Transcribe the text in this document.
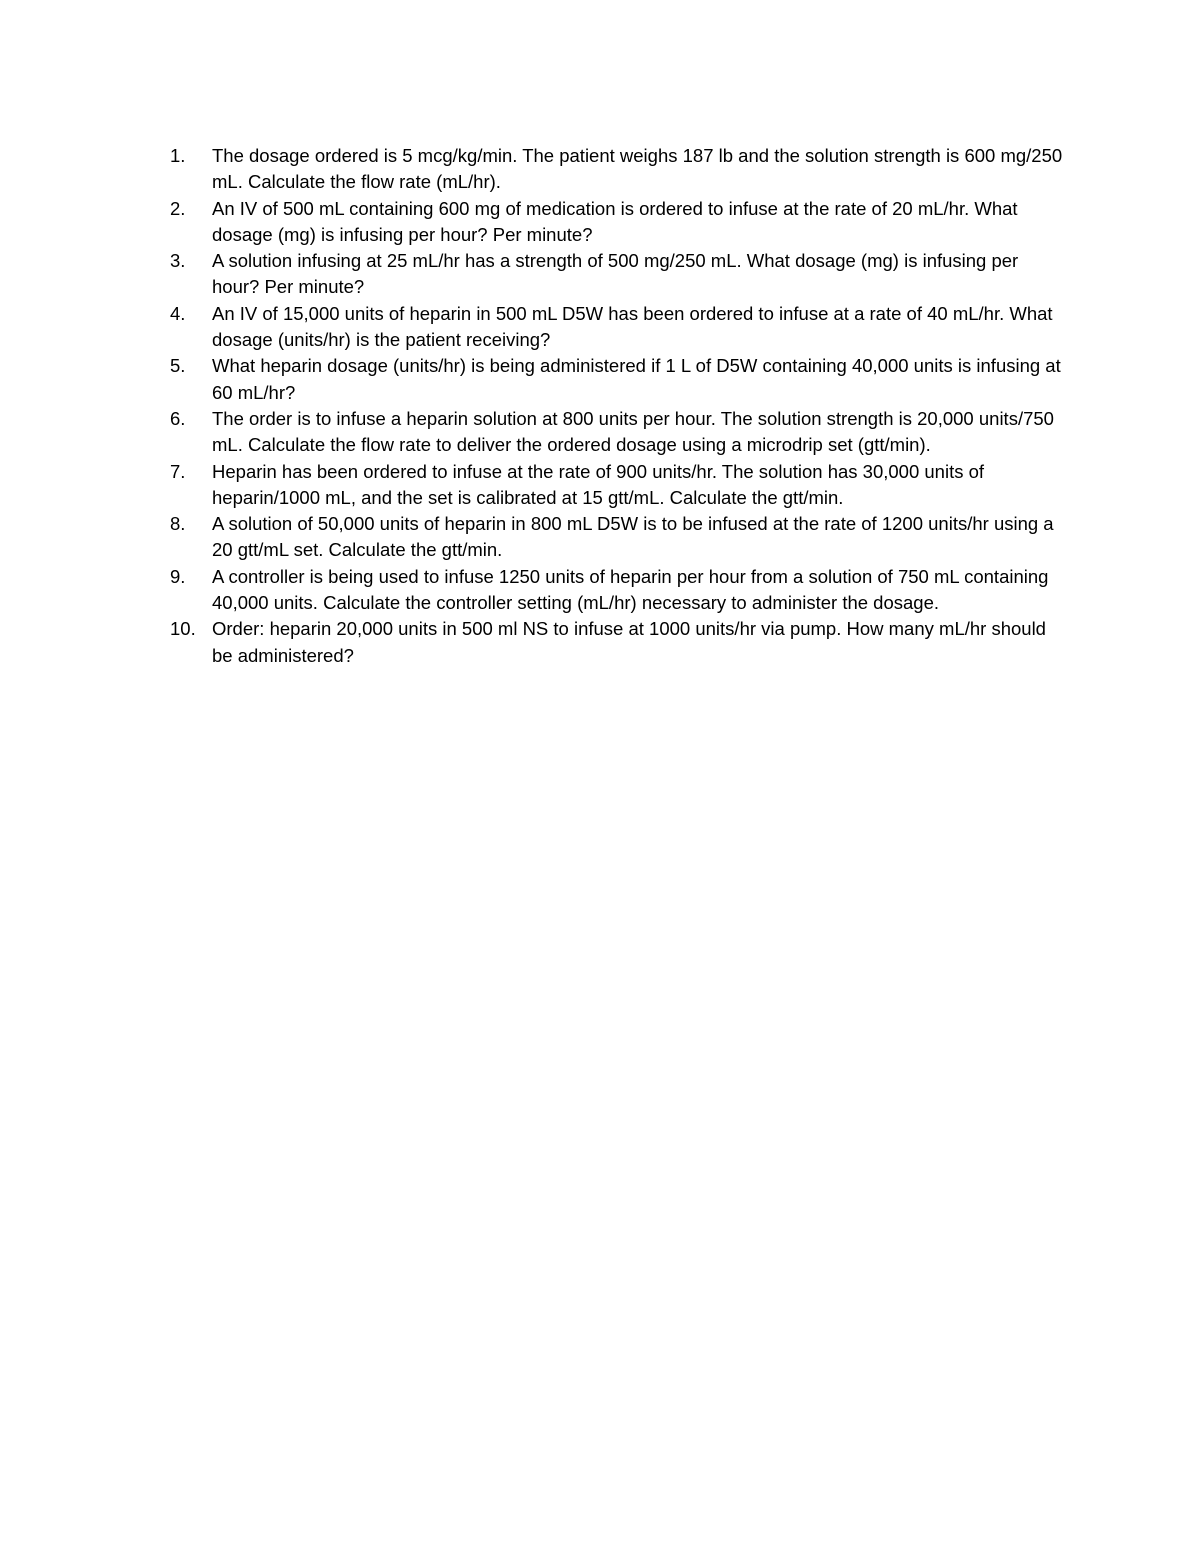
1.	The dosage ordered is 5 mcg/kg/min. The patient weighs 187 lb and the solution strength is 600 mg/250 mL. Calculate the flow rate (mL/hr).
2.	An IV of 500 mL containing 600 mg of medication is ordered to infuse at the rate of 20 mL/hr. What dosage (mg) is infusing per hour? Per minute?
3.	A solution infusing at 25 mL/hr has a strength of 500 mg/250 mL. What dosage (mg) is infusing per hour? Per minute?
4.	An IV of 15,000 units of heparin in 500 mL D5W has been ordered to infuse at a rate of 40 mL/hr. What dosage (units/hr) is the patient receiving?
5.	What heparin dosage (units/hr) is being administered if 1 L of D5W containing 40,000 units is infusing at 60 mL/hr?
6.	The order is to infuse a heparin solution at 800 units per hour. The solution strength is 20,000 units/750 mL. Calculate the flow rate to deliver the ordered dosage using a microdrip set (gtt/min).
7.	Heparin has been ordered to infuse at the rate of 900 units/hr. The solution has 30,000 units of heparin/1000 mL, and the set is calibrated at 15 gtt/mL. Calculate the gtt/min.
8.	A solution of 50,000 units of heparin in 800 mL D5W is to be infused at the rate of 1200 units/hr using a 20 gtt/mL set. Calculate the gtt/min.
9.	A controller is being used to infuse 1250 units of heparin per hour from a solution of 750 mL containing 40,000 units. Calculate the controller setting (mL/hr) necessary to administer the dosage.
10. Order: heparin 20,000 units in 500 ml NS to infuse at 1000 units/hr via pump. How many mL/hr should be administered?
